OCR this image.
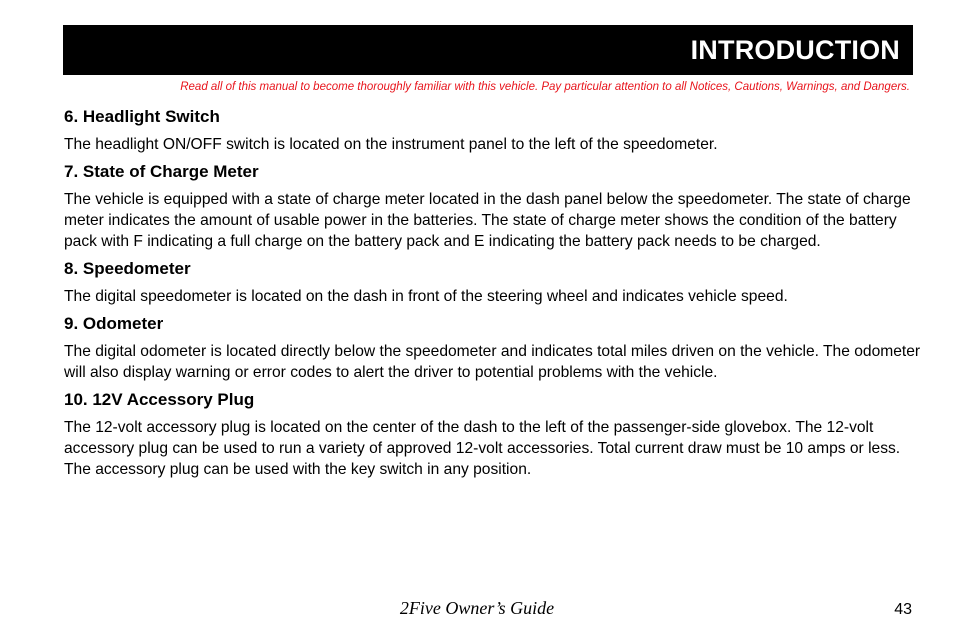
INTRODUCTION
Read all of this manual to become thoroughly familiar with this vehicle. Pay particular attention to all Notices, Cautions, Warnings, and Dangers.
6. Headlight Switch

The headlight ON/OFF switch is located on the instrument panel to the left of the speedometer.

7. State of Charge Meter

The vehicle is equipped with a state of charge meter located in the dash panel below the speedometer. The state of charge meter indicates the amount of usable power in the batteries. The state of charge meter shows the condition of the battery pack with F indicating a full charge on the battery pack and E indicating the battery pack needs to be charged.

8. Speedometer

The digital speedometer is located on the dash in front of the steering wheel and indicates vehicle speed.

9. Odometer

The digital odometer is located directly below the speedometer and indicates total miles driven on the vehicle. The odometer will also display warning or error codes to alert the driver to potential problems with the vehicle.

10. 12V Accessory Plug

The 12-volt accessory plug is located on the center of the dash to the left of the passenger-side glovebox. The 12-volt accessory plug can be used to run a variety of approved 12-volt accessories. Total current draw must be 10 amps or less. The accessory plug can be used with the key switch in any position.

2Five Owner’s Guide	43
